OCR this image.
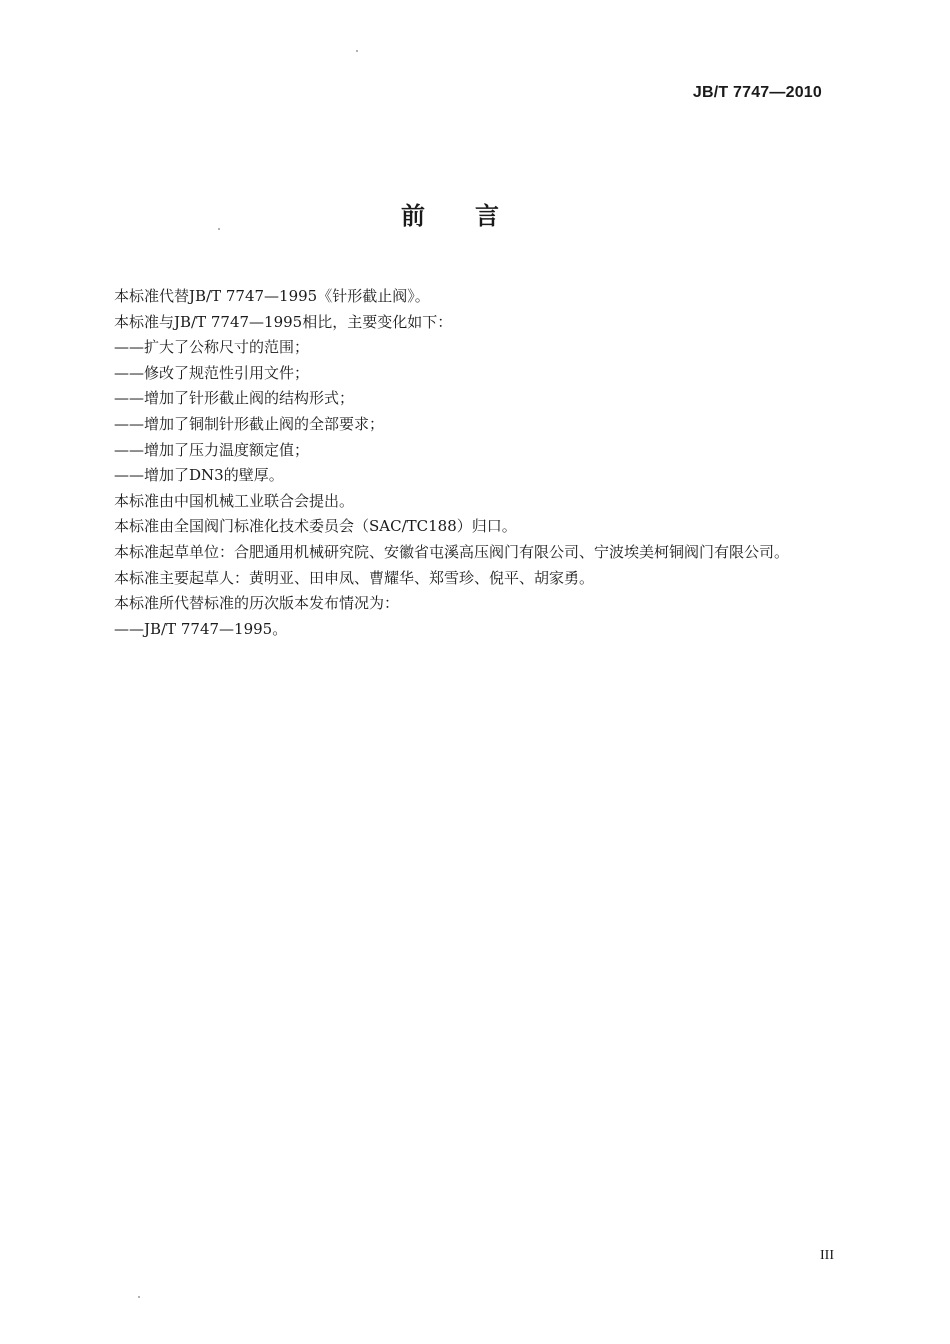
JB/T 7747—2010
前 言

本标准代替JB/T 7747—1995《针形截止阀》。

本标准与JB/T 7747—1995相比，主要变化如下：

——扩大了公称尺寸的范围；

——修改了规范性引用文件；

——增加了针形截止阀的结构形式；

——增加了铜制针形截止阀的全部要求；

——增加了压力温度额定值；

——增加了DN3的壁厚。

本标准由中国机械工业联合会提出。

本标准由全国阀门标准化技术委员会（SAC/TC188）归口。

本标准起草单位：合肥通用机械研究院、安徽省屯溪高压阀门有限公司、宁波埃美柯铜阀门有限公司。

本标准主要起草人：黄明亚、田申凤、曹耀华、郑雪珍、倪平、胡家勇。

本标准所代替标准的历次版本发布情况为：

——JB/T 7747—1995。

III
